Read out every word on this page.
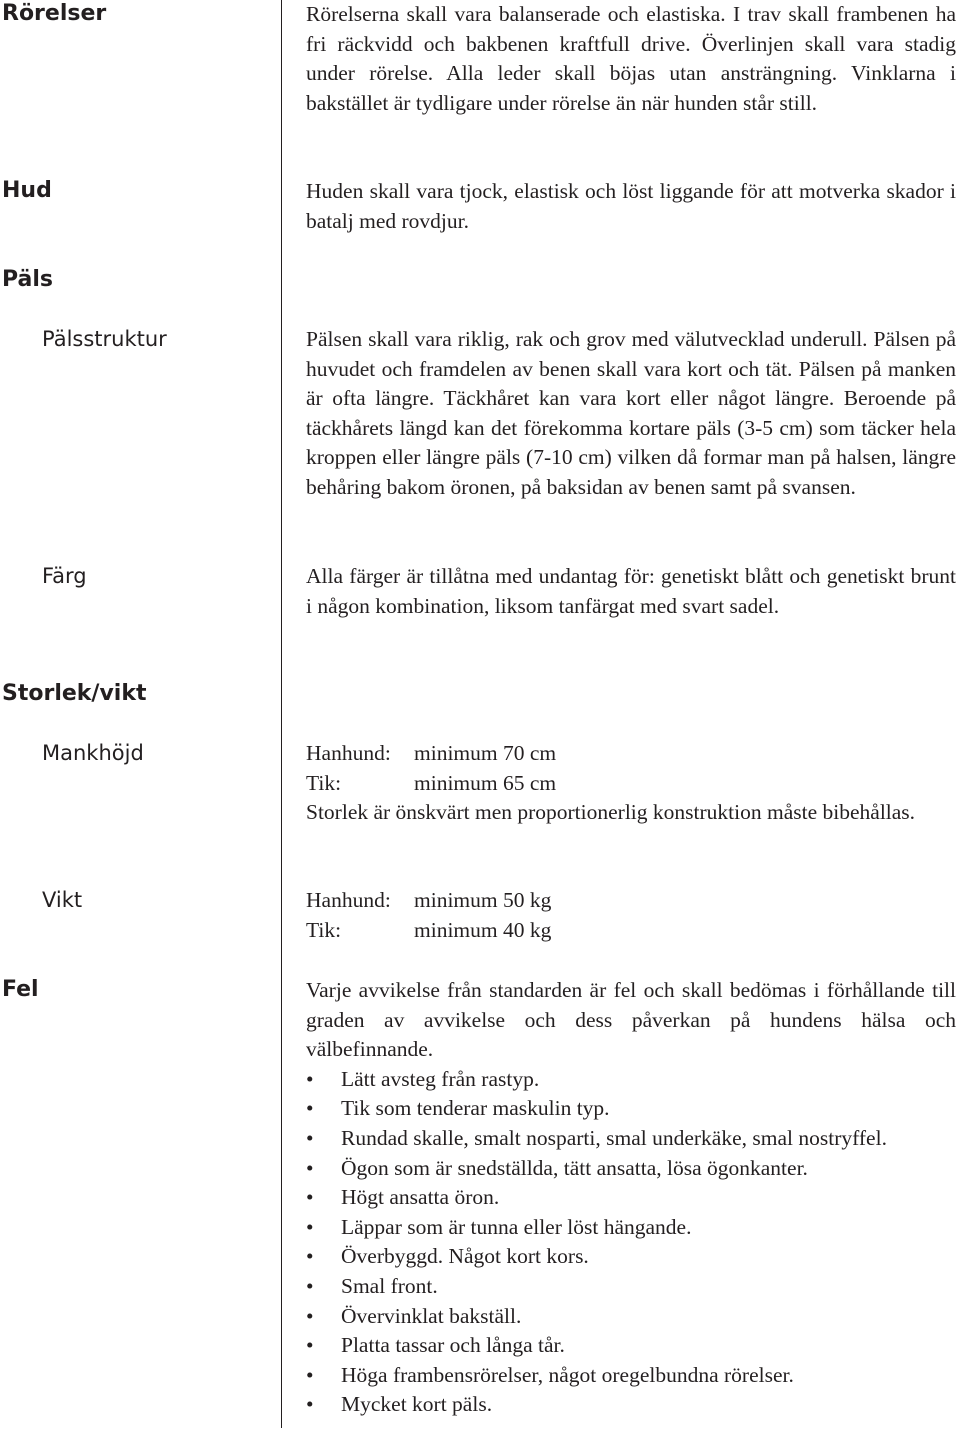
Rörelser	Rörelserna skall vara balanserade och elastiska. I trav skall frambenen ha fri räckvidd och bakbenen kraftfull drive. Överlinjen skall vara stadig under rörelse. Alla leder skall böjas utan ansträngning. Vinklarna i bakstället är tydligare under rörelse än när hunden står still.

Hud	Huden skall vara tjock, elastisk och löst liggande för att motverka skador i batalj med rovdjur.

Päls
Pälsstruktur	Pälsen skall vara riklig, rak och grov med välutvecklad underull. Pälsen på huvudet och framdelen av benen skall vara kort och tät. Pälsen på manken är ofta längre. Täckhåret kan vara kort eller något längre. Beroende på täckhårets längd kan det förekomma kortare päls (3-5 cm) som täcker hela kroppen eller längre päls (7-10 cm) vilken då formar man på halsen, längre behåring bakom öronen, på baksidan av benen samt på svansen.

Färg	Alla färger är tillåtna med undantag för: genetiskt blått och genetiskt brunt i någon kombination, liksom tanfärgat med svart sadel.

Storlek/vikt
Mankhöjd	Hanhund:	minimum 70 cm
Tik:	minimum 65 cm
Storlek är önskvärt men proportionerlig konstruktion måste bibehållas.
Vikt	Hanhund:	minimum 50 kg
Tik:	minimum 40 kg
Fel	Varje avvikelse från standarden är fel och skall bedömas i förhållande till graden av avvikelse och dess påverkan på hundens hälsa och välbefinnande.
• Lätt avsteg från rastyp.
• Tik som tenderar maskulin typ.
• Rundad skalle, smalt nosparti, smal underkäke, smal nostryffel.
• Ögon som är snedställda, tätt ansatta, lösa ögonkanter.
• Högt ansatta öron.
• Läppar som är tunna eller löst hängande.
• Överbyggd. Något kort kors.
• Smal front.
• Övervinklat bakställ.
• Platta tassar och långa tår.
• Höga frambensrörelser, något oregelbundna rörelser.
• Mycket kort päls.
